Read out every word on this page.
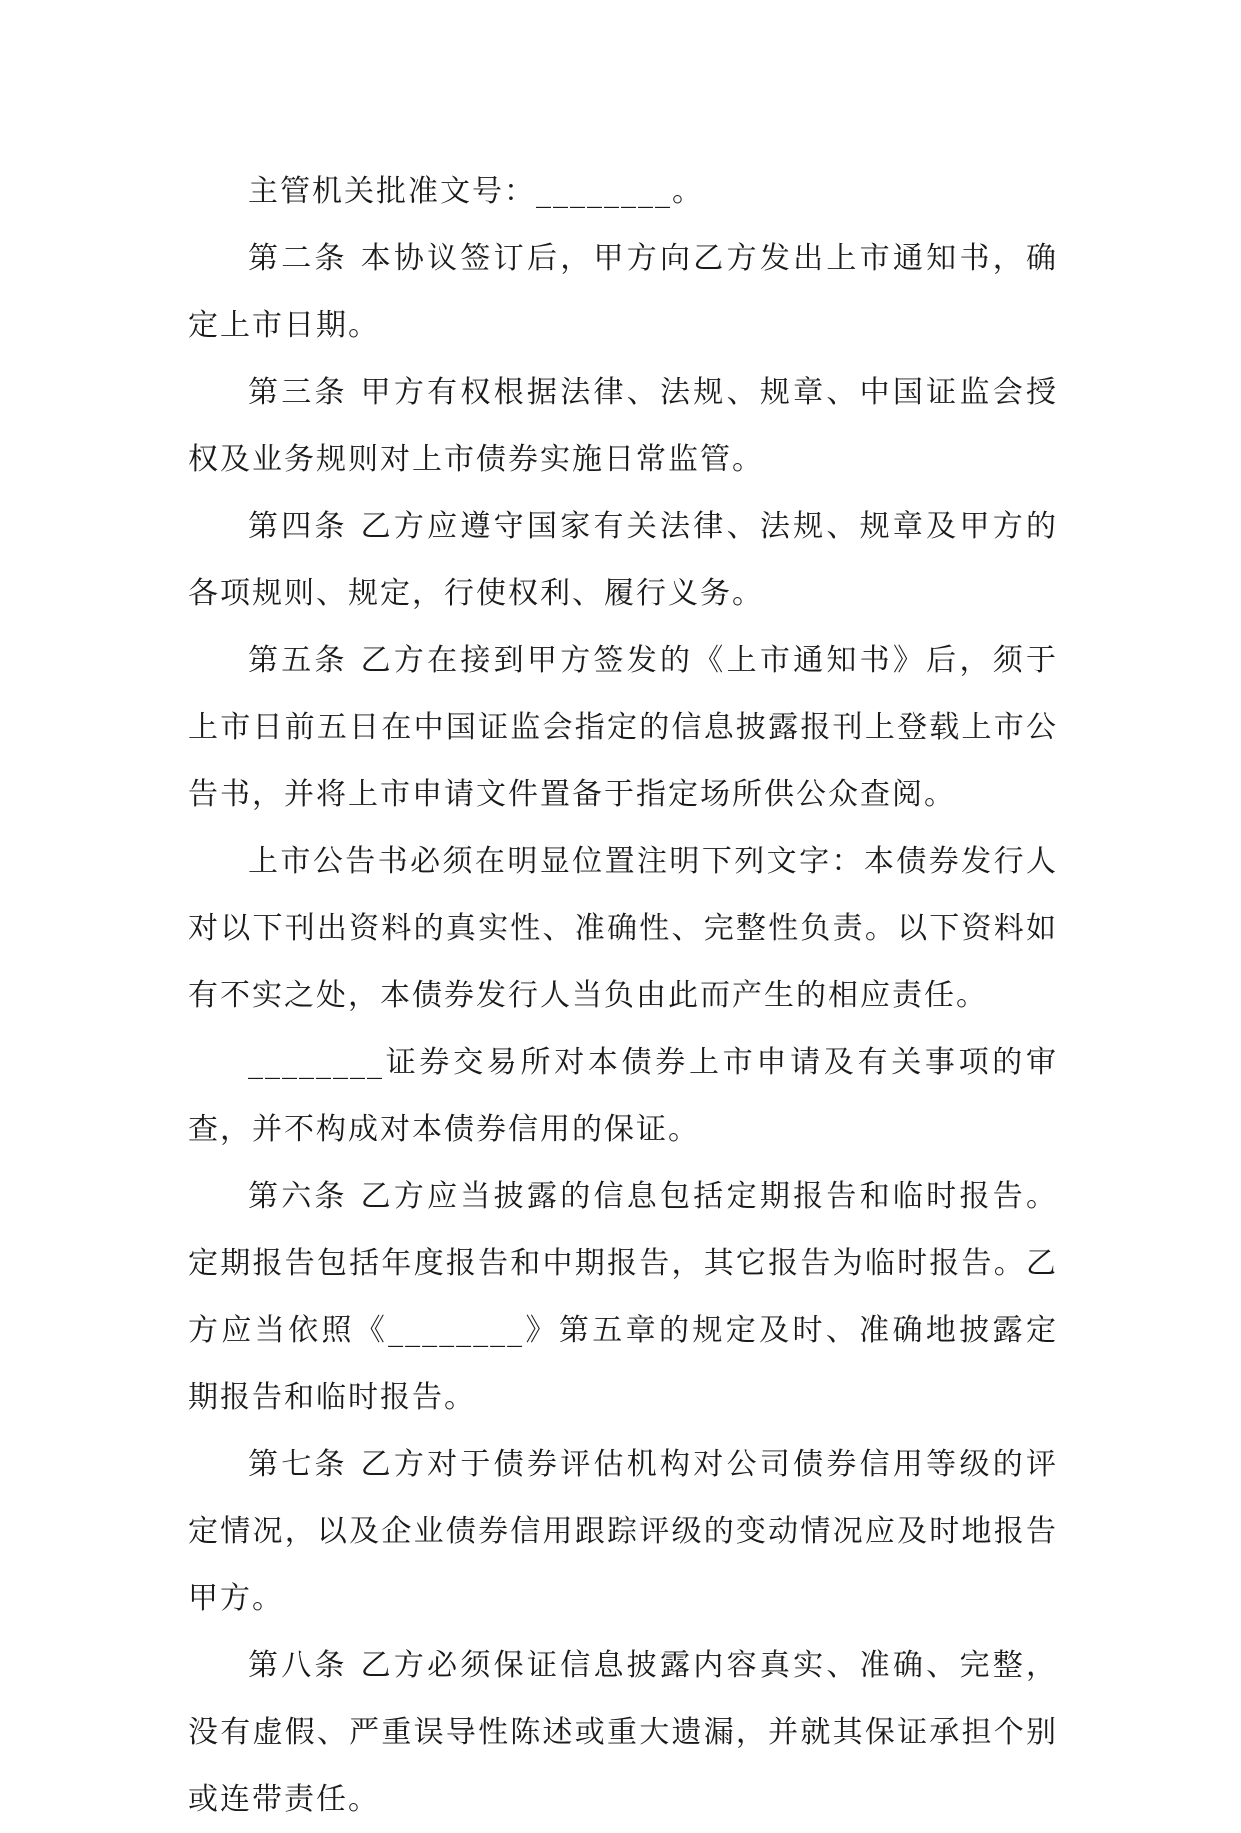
主管机关批准文号：________。

第二条 本协议签订后，甲方向乙方发出上市通知书，确定上市日期。

第三条 甲方有权根据法律、法规、规章、中国证监会授权及业务规则对上市债券实施日常监管。

第四条 乙方应遵守国家有关法律、法规、规章及甲方的各项规则、规定，行使权利、履行义务。

第五条 乙方在接到甲方签发的《上市通知书》后，须于上市日前五日在中国证监会指定的信息披露报刊上登载上市公告书，并将上市申请文件置备于指定场所供公众查阅。

上市公告书必须在明显位置注明下列文字：本债券发行人对以下刊出资料的真实性、准确性、完整性负责。以下资料如有不实之处，本债券发行人当负由此而产生的相应责任。

________证券交易所对本债券上市申请及有关事项的审查，并不构成对本债券信用的保证。

第六条 乙方应当披露的信息包括定期报告和临时报告。定期报告包括年度报告和中期报告，其它报告为临时报告。乙方应当依照《________》第五章的规定及时、准确地披露定期报告和临时报告。

第七条 乙方对于债券评估机构对公司债券信用等级的评定情况，以及企业债券信用跟踪评级的变动情况应及时地报告甲方。

第八条 乙方必须保证信息披露内容真实、准确、完整，没有虚假、严重误导性陈述或重大遗漏，并就其保证承担个别或连带责任。
